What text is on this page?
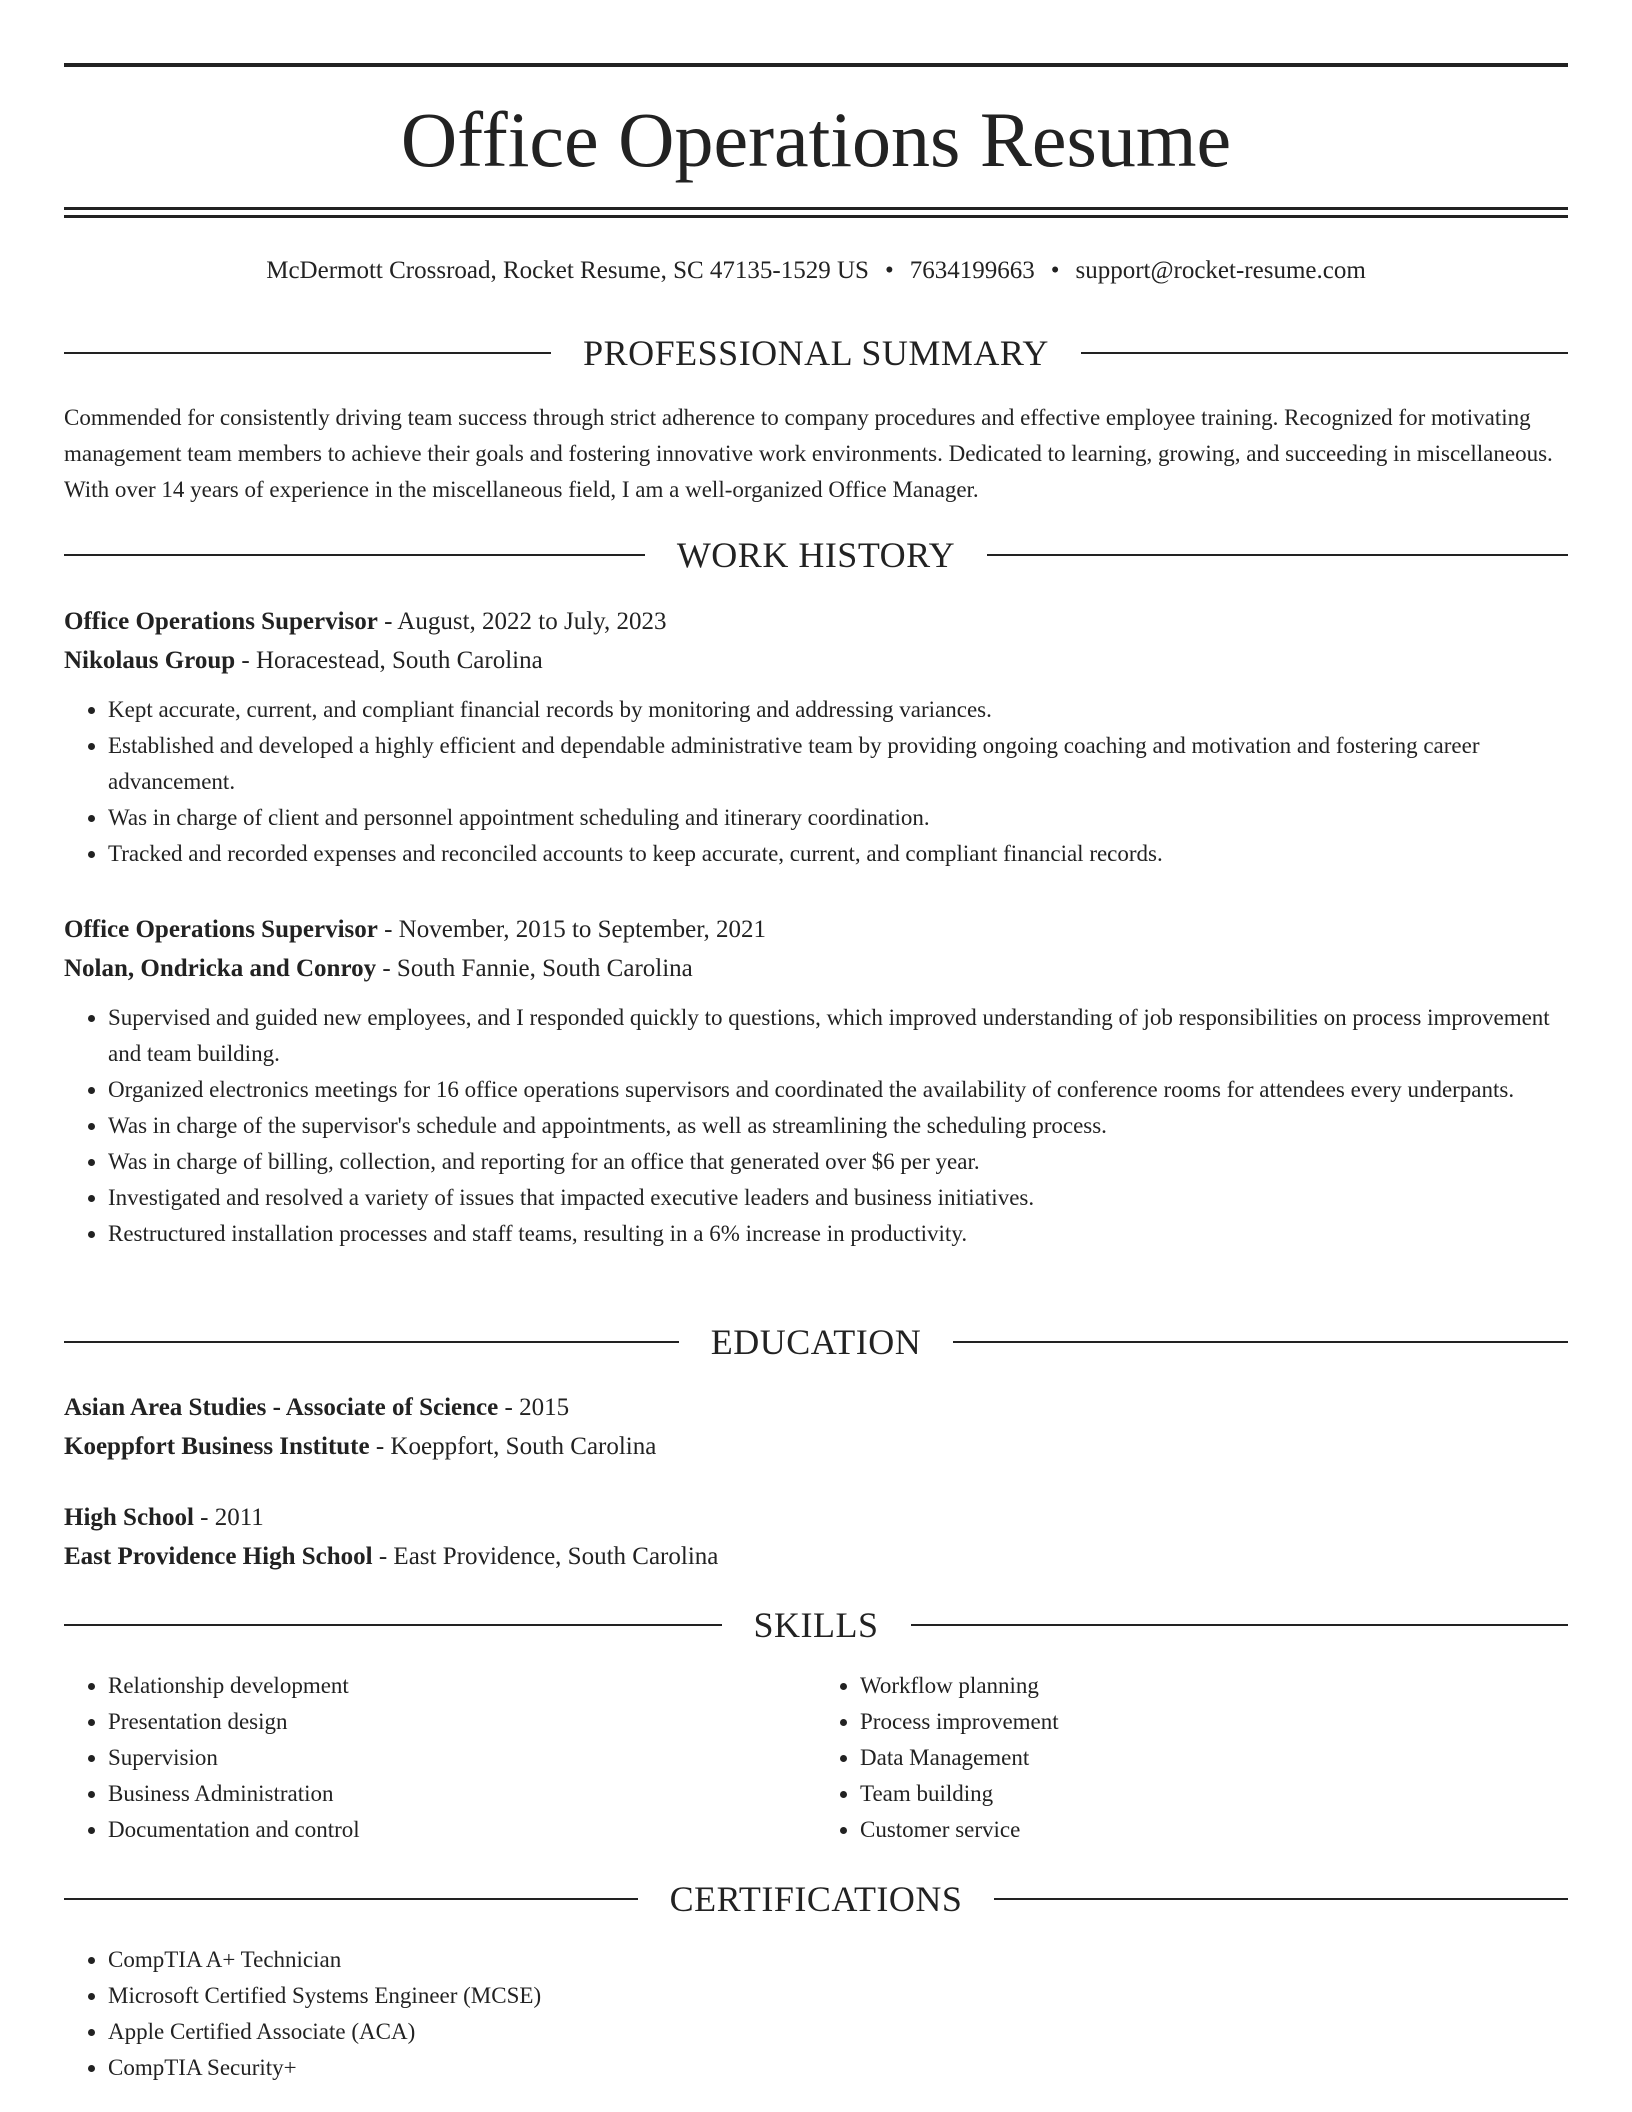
Office Operations Resume
McDermott Crossroad, Rocket Resume, SC 47135-1529 US • 7634199663 • support@rocket-resume.com
PROFESSIONAL SUMMARY

Commended for consistently driving team success through strict adherence to company procedures and effective employee training. Recognized for motivating management team members to achieve their goals and fostering innovative work environments. Dedicated to learning, growing, and succeeding in miscellaneous. With over 14 years of experience in the miscellaneous field, I am a well-organized Office Manager.

WORK HISTORY
Office Operations Supervisor - August, 2022 to July, 2023
Nikolaus Group - Horacestead, South Carolina
• Kept accurate, current, and compliant financial records by monitoring and addressing variances.
• Established and developed a highly efficient and dependable administrative team by providing ongoing coaching and motivation and fostering career advancement.
• Was in charge of client and personnel appointment scheduling and itinerary coordination.
• Tracked and recorded expenses and reconciled accounts to keep accurate, current, and compliant financial records.
Office Operations Supervisor - November, 2015 to September, 2021
Nolan, Ondricka and Conroy - South Fannie, South Carolina
• Supervised and guided new employees, and I responded quickly to questions, which improved understanding of job responsibilities on process improvement and team building.
• Organized electronics meetings for 16 office operations supervisors and coordinated the availability of conference rooms for attendees every underpants.
• Was in charge of the supervisor's schedule and appointments, as well as streamlining the scheduling process.
• Was in charge of billing, collection, and reporting for an office that generated over $6 per year.
• Investigated and resolved a variety of issues that impacted executive leaders and business initiatives.
• Restructured installation processes and staff teams, resulting in a 6% increase in productivity.
EDUCATION
Asian Area Studies - Associate of Science - 2015
Koeppfort Business Institute - Koeppfort, South Carolina
High School - 2011
East Providence High School - East Providence, South Carolina
SKILLS
• Relationship development
• Presentation design
• Supervision
• Business Administration
• Documentation and control
• Workflow planning
• Process improvement
• Data Management
• Team building
• Customer service
CERTIFICATIONS
• CompTIA A+ Technician
• Microsoft Certified Systems Engineer (MCSE)
• Apple Certified Associate (ACA)
• CompTIA Security+
